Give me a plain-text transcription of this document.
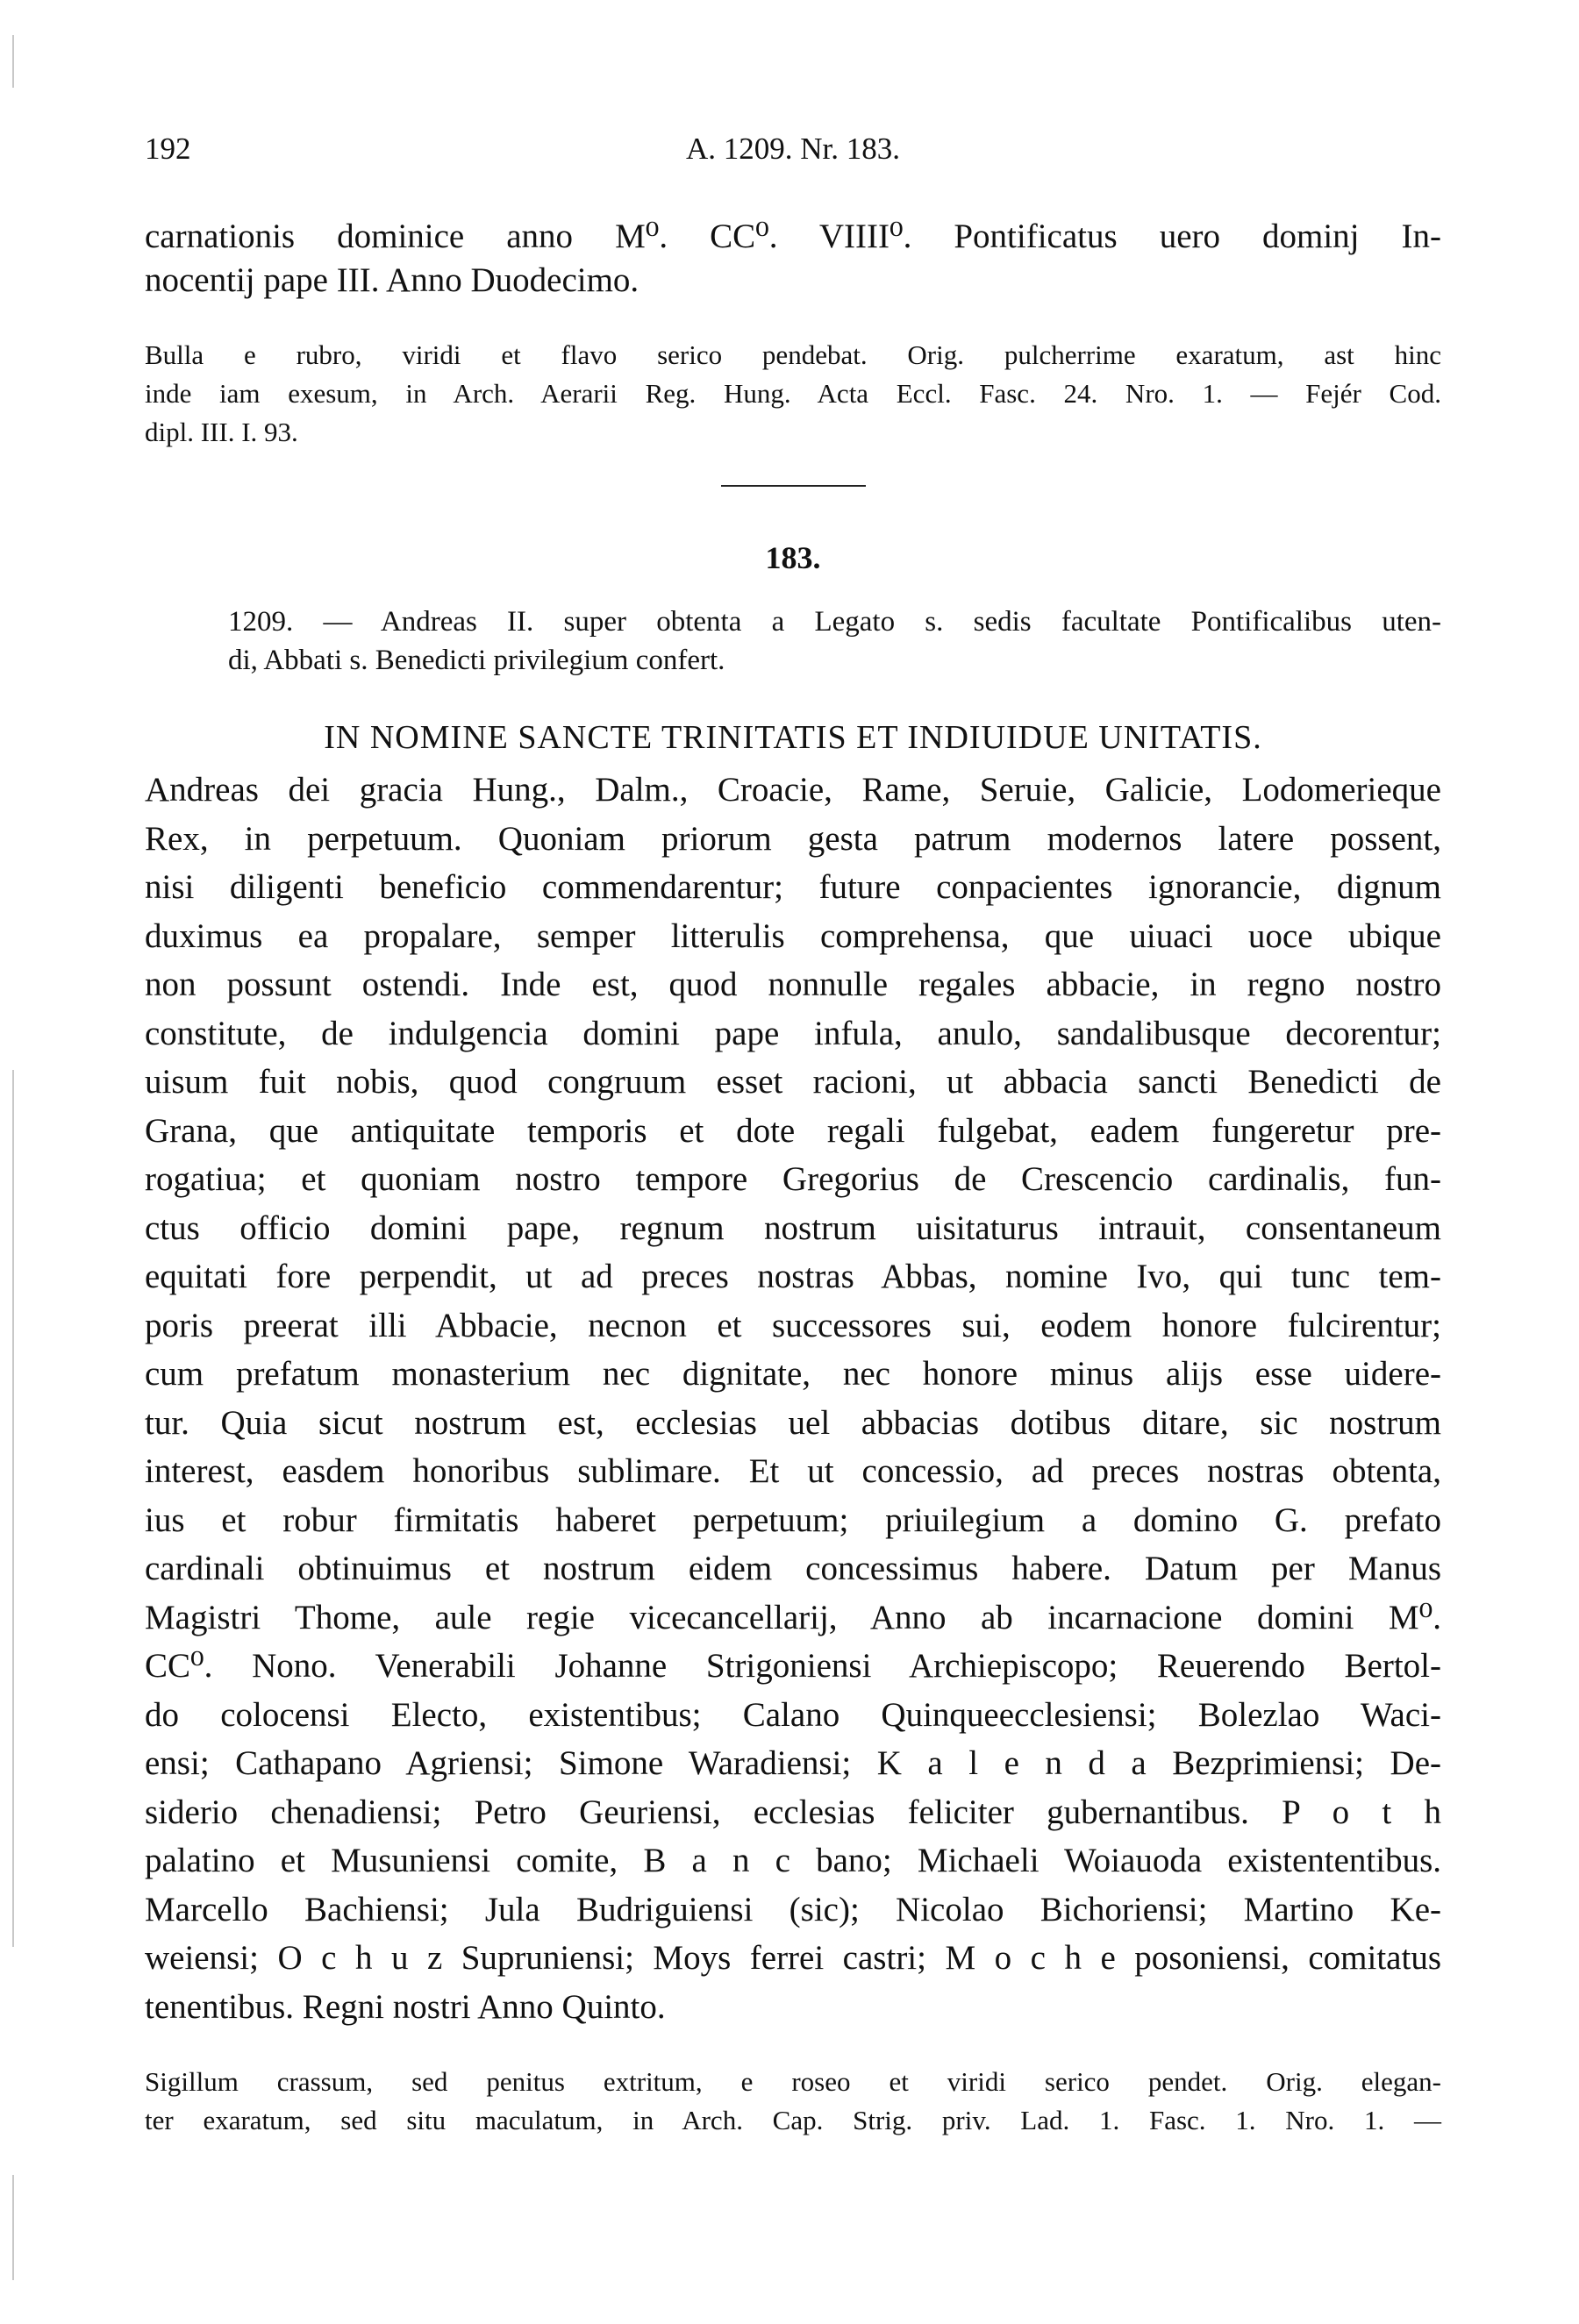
192	A. 1209. Nr. 183.
carnationis dominice anno M⁰. CC⁰. VIIII⁰. Pontificatus uero dominj In-
nocentij pape III. Anno Duodecimo.
Bulla e rubro, viridi et flavo serico pendebat. Orig. pulcherrime exaratum, ast hinc
inde iam exesum, in Arch. Aerarii Reg. Hung. Acta Eccl. Fasc. 24. Nro. 1. — Fejér Cod.
dipl. III. I. 93.
183.
1209. — Andreas II. super obtenta a Legato s. sedis facultate Pontificalibus uten-
di, Abbati s. Benedicti privilegium confert.
IN NOMINE SANCTE TRINITATIS ET INDIUIDUE UNITATIS.
Andreas dei gracia Hung., Dalm., Croacie, Rame, Seruie, Galicie, Lodomerieque
Rex, in perpetuum. Quoniam priorum gesta patrum modernos latere possent,
nisi diligenti beneficio commendarentur; future conpacientes ignorancie, dignum
duximus ea propalare, semper litterulis comprehensa, que uiuaci uoce ubique
non possunt ostendi. Inde est, quod nonnulle regales abbacie, in regno nostro
constitute, de indulgencia domini pape infula, anulo, sandalibusque decorentur;
uisum fuit nobis, quod congruum esset racioni, ut abbacia sancti Benedicti de
Grana, que antiquitate temporis et dote regali fulgebat, eadem fungeretur pre-
rogatiua; et quoniam nostro tempore Gregorius de Crescencio cardinalis, fun-
ctus officio domini pape, regnum nostrum uisitaturus intrauit, consentaneum
equitati fore perpendit, ut ad preces nostras Abbas, nomine Ivo, qui tunc tem-
poris preerat illi Abbacie, necnon et successores sui, eodem honore fulcirentur;
cum prefatum monasterium nec dignitate, nec honore minus alijs esse uidere-
tur. Quia sicut nostrum est, ecclesias uel abbacias dotibus ditare, sic nostrum
interest, easdem honoribus sublimare. Et ut concessio, ad preces nostras obtenta,
ius et robur firmitatis haberet perpetuum; priuilegium a domino G. prefato
cardinali obtinuimus et nostrum eidem concessimus habere. Datum per Manus
Magistri Thome, aule regie vicecancellarij, Anno ab incarnacione domini M⁰.
CC⁰. Nono. Venerabili Johanne Strigoniensi Archiepiscopo; Reuerendo Bertol-
do colocensi Electo, existentibus; Calano Quinqueecclesiensi; Bolezlao Waci-
ensi; Cathapano Agriensi; Simone Waradiensi; K a l e n d a Bezprimiensi; De-
siderio chenadiensi; Petro Geuriensi, ecclesias feliciter gubernantibus. P o t h
palatino et Musuniensi comite, B a n c bano; Michaeli Woiauoda existententibus.
Marcello Bachiensi; Jula Budriguiensi (sic); Nicolao Bichoriensi; Martino Ke-
weiensi; O c h u z Supruniensi; Moys ferrei castri; M o c h e posoniensi, comitatus
tenentibus. Regni nostri Anno Quinto.
Sigillum crassum, sed penitus extritum, e roseo et viridi serico pendet. Orig. elegan-
ter exaratum, sed situ maculatum, in Arch. Cap. Strig. priv. Lad. 1. Fasc. 1. Nro. 1. —
